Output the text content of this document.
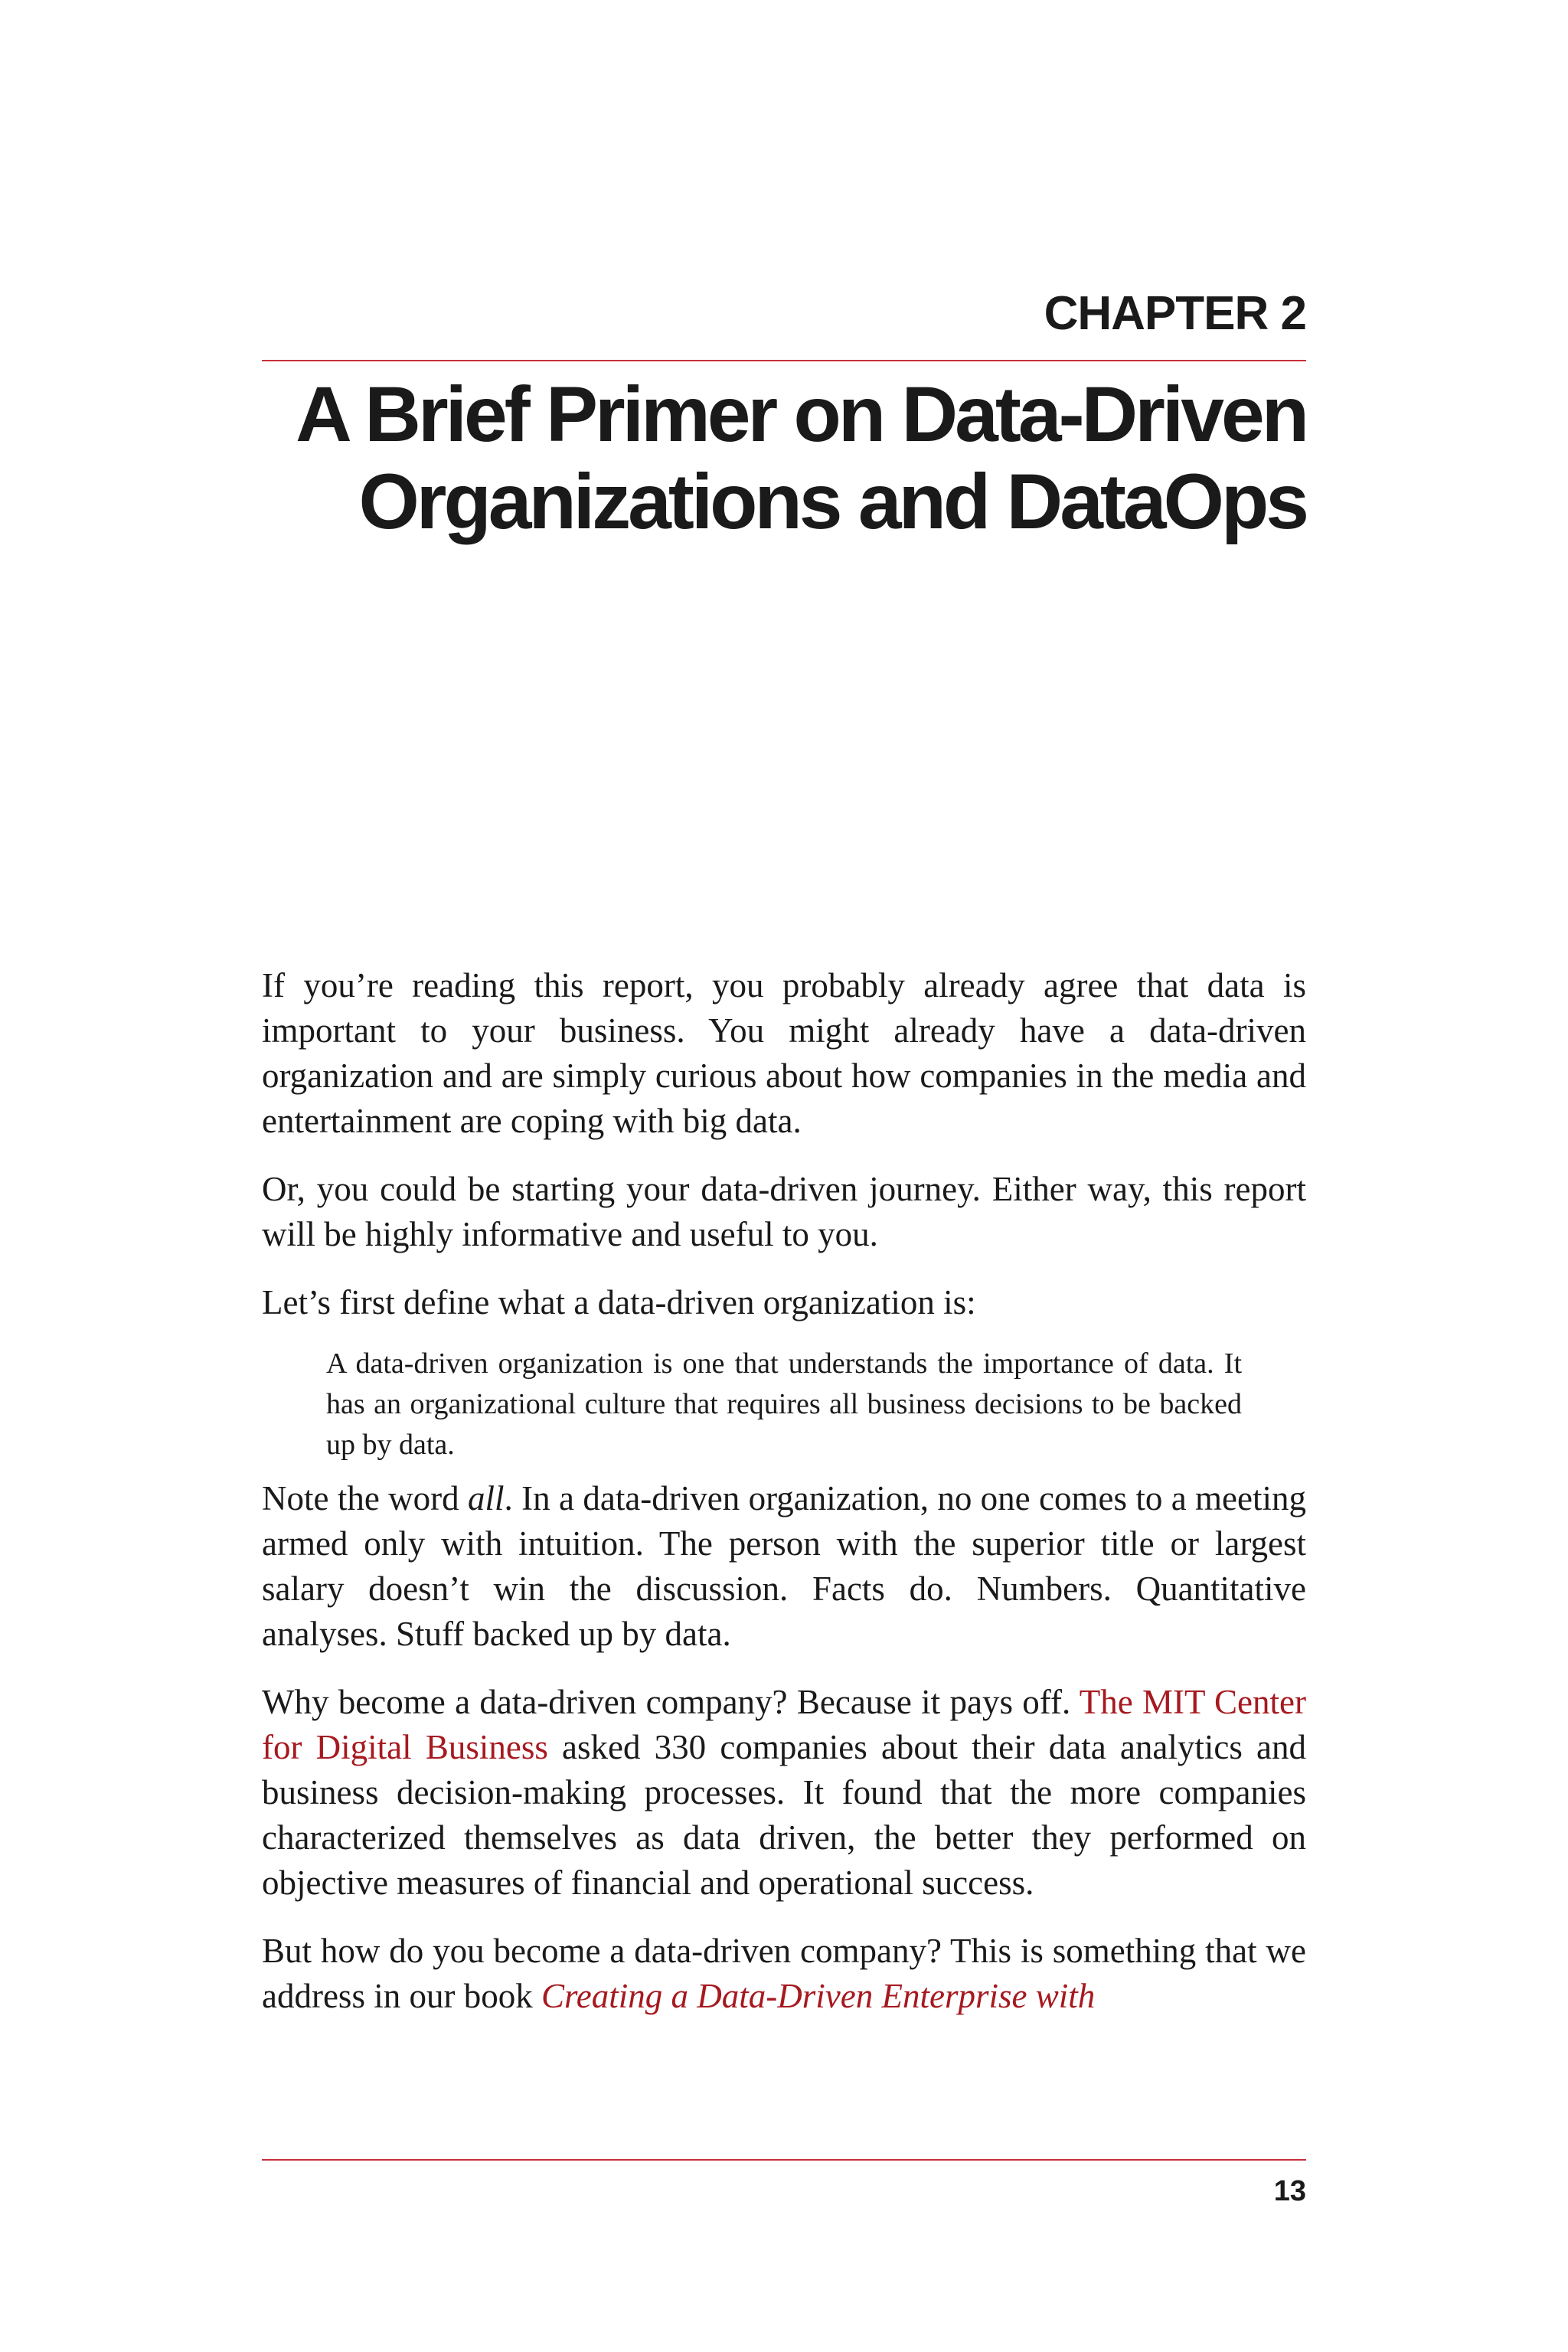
CHAPTER 2
A Brief Primer on Data-Driven
Organizations and DataOps

If you’re reading this report, you probably already agree that data is important to your business. You might already have a data-driven organization and are simply curious about how companies in the media and entertainment are coping with big data.

Or, you could be starting your data-driven journey. Either way, this report will be highly informative and useful to you.

Let’s first define what a data-driven organization is:

A data-driven organization is one that understands the importance of data. It has an organizational culture that requires all business decisions to be backed up by data.

Note the word all. In a data-driven organization, no one comes to a meeting armed only with intuition. The person with the superior title or largest salary doesn’t win the discussion. Facts do. Numbers. Quantitative analyses. Stuff backed up by data.

Why become a data-driven company? Because it pays off. The MIT Center for Digital Business asked 330 companies about their data analytics and business decision-making processes. It found that the more companies characterized themselves as data driven, the better they performed on objective measures of financial and operational success.

But how do you become a data-driven company? This is something that we address in our book Creating a Data-Driven Enterprise with

13
